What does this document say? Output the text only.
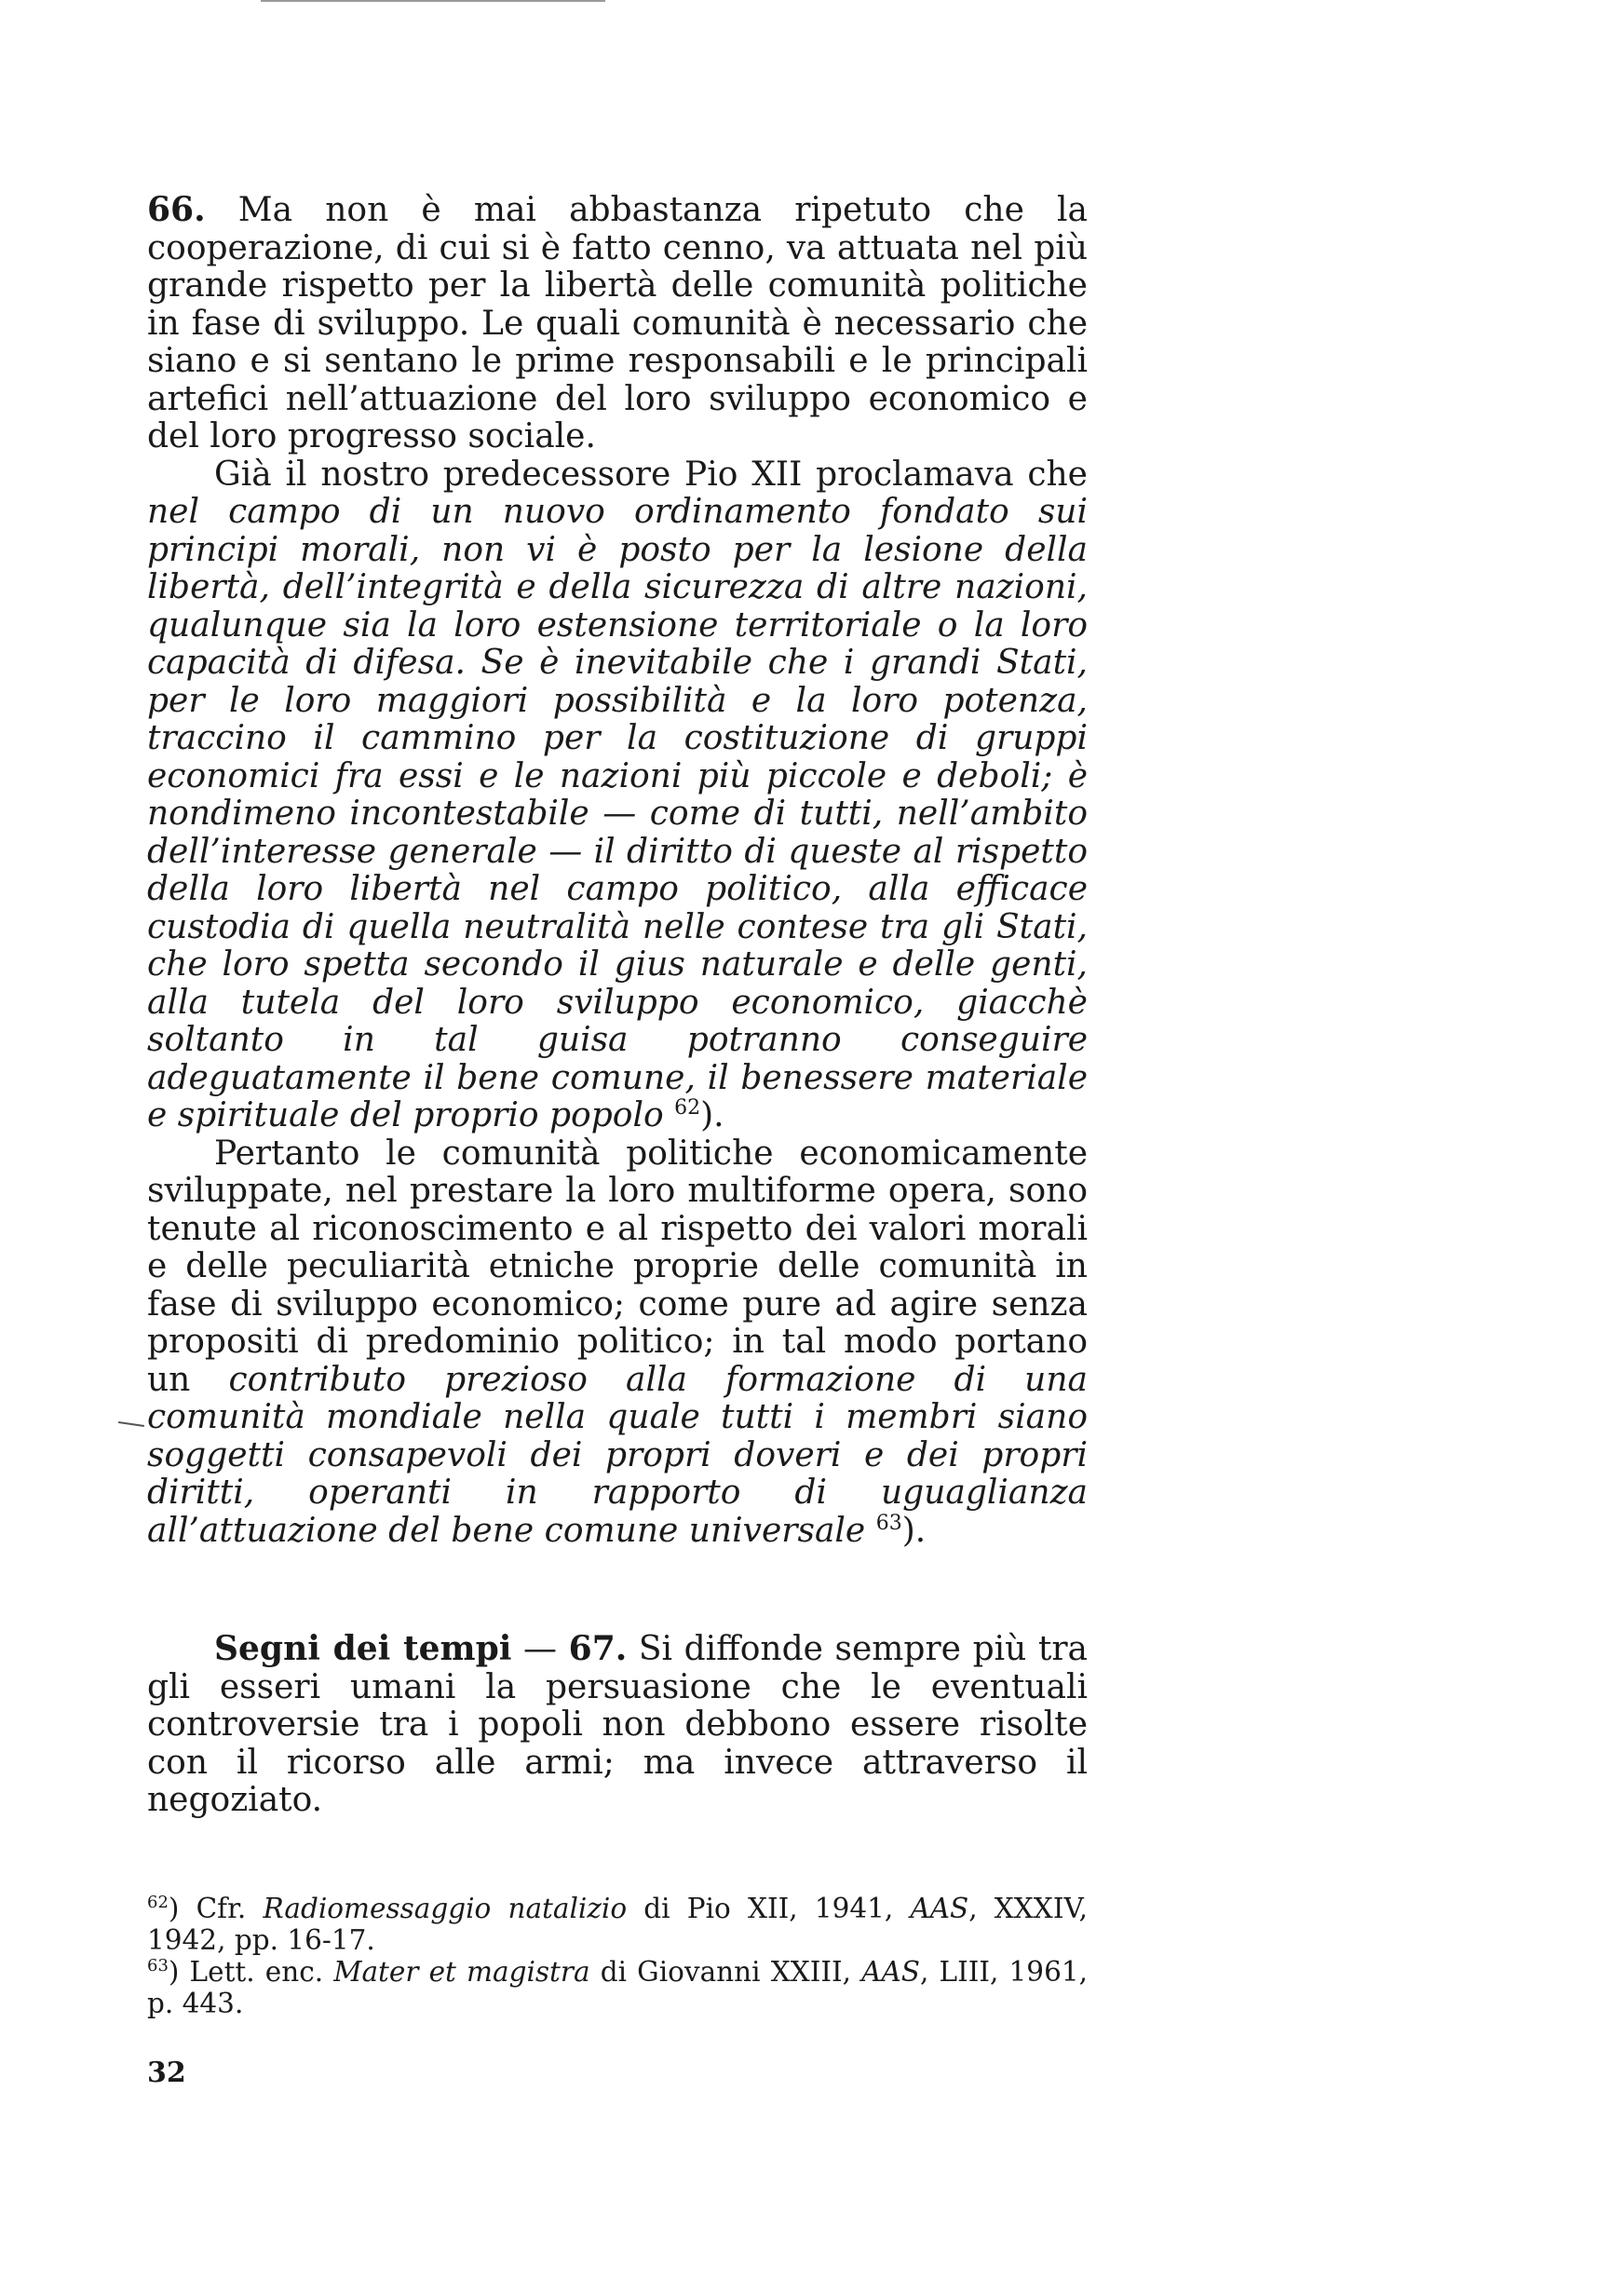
66. Ma non è mai abbastanza ripetuto che la cooperazione, di cui si è fatto cenno, va attuata nel più grande rispetto per la libertà delle comunità politiche in fase di sviluppo. Le quali comunità è necessario che siano e si sentano le prime responsabili e le principali artefici nell’attuazione del loro sviluppo economico e del loro progresso sociale.

Già il nostro predecessore Pio XII proclamava che nel campo di un nuovo ordinamento fondato sui principi morali, non vi è posto per la lesione della libertà, dell’integrità e della sicurezza di altre nazioni, qualunque sia la loro estensione territoriale o la loro capacità di difesa. Se è inevitabile che i grandi Stati, per le loro maggiori possibilità e la loro potenza, traccino il cammino per la costituzione di gruppi economici fra essi e le nazioni più piccole e deboli; è nondimeno incontestabile — come di tutti, nell’ambito dell’interesse generale — il diritto di queste al rispetto della loro libertà nel campo politico, alla efficace custodia di quella neutralità nelle contese tra gli Stati, che loro spetta secondo il gius naturale e delle genti, alla tutela del loro sviluppo economico, giacchè soltanto in tal guisa potranno conseguire adeguatamente il bene comune, il benessere materiale e spirituale del proprio popolo $^{62}$).

Pertanto le comunità politiche economicamente sviluppate, nel prestare la loro multiforme opera, sono tenute al riconoscimento e al rispetto dei valori morali e delle peculiarità etniche proprie delle comunità in fase di sviluppo economico; come pure ad agire senza propositi di predominio politico; in tal modo portano un contributo prezioso alla formazione di una comunità mondiale nella quale tutti i membri siano soggetti consapevoli dei propri doveri e dei propri diritti, operanti in rapporto di uguaglianza all’attuazione del bene comune universale $^{63}$).

Segni dei tempi — 67. Si diffonde sempre più tra gli esseri umani la persuasione che le eventuali controversie tra i popoli non debbono essere risolte con il ricorso alle armi; ma invece attraverso il negoziato.

$^{62}$) Cfr. Radiomessaggio natalizio di Pio XII, 1941, AAS, XXXIV, 1942, pp. 16-17.

$^{63}$) Lett. enc. Mater et magistra di Giovanni XXIII, AAS, LIII, 1961, p. 443.

32
